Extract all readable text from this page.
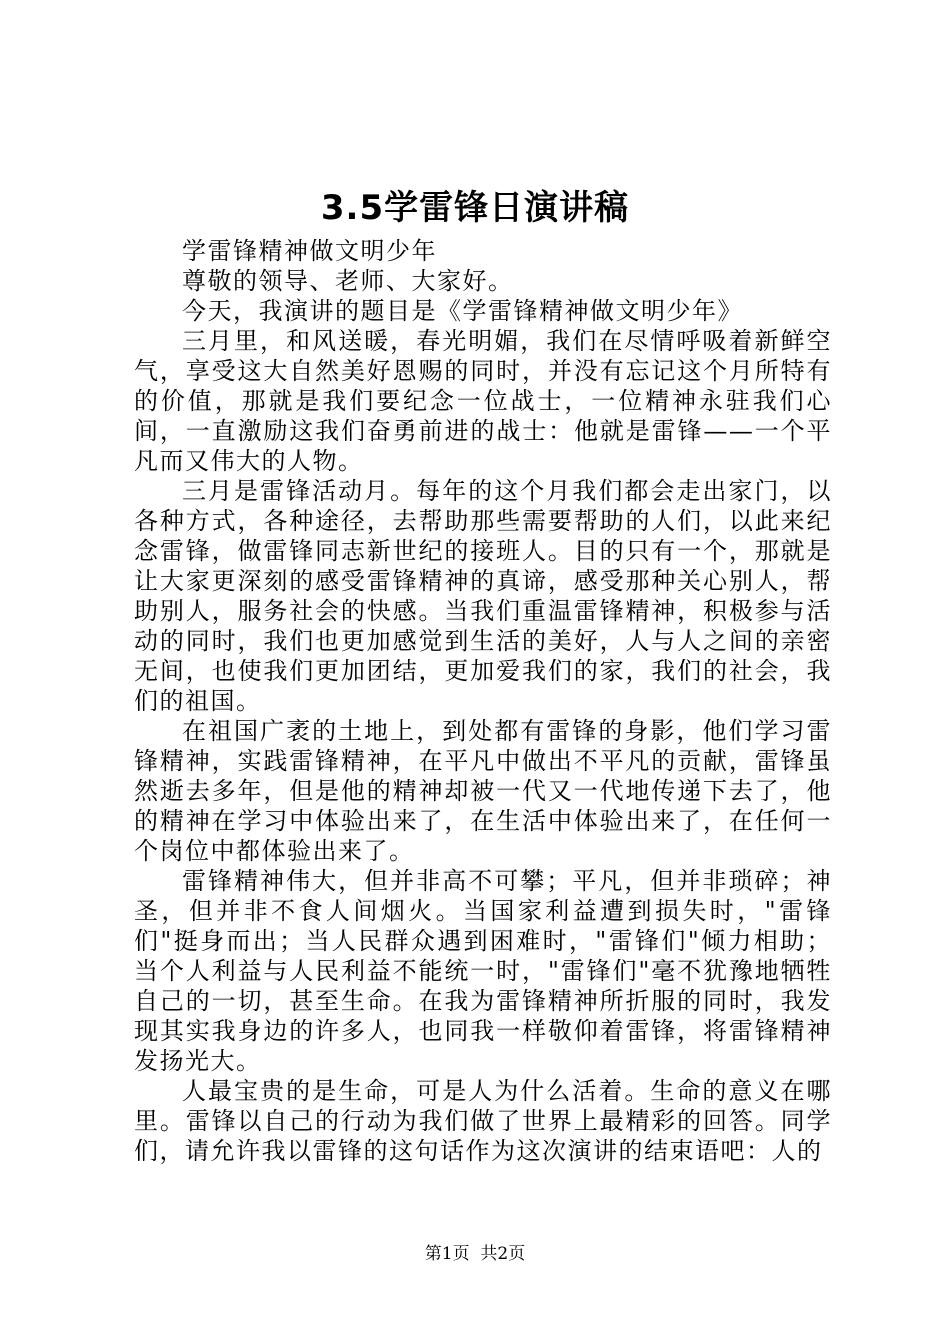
3.5学雷锋日演讲稿

学雷锋精神做文明少年

尊敬的领导、老师、大家好。

今天，我演讲的题目是《学雷锋精神做文明少年》

三月里，和风送暖，春光明媚，我们在尽情呼吸着新鲜空气，享受这大自然美好恩赐的同时，并没有忘记这个月所特有的价值，那就是我们要纪念一位战士，一位精神永驻我们心间，一直激励这我们奋勇前进的战士：他就是雷锋——一个平凡而又伟大的人物。

三月是雷锋活动月。每年的这个月我们都会走出家门，以各种方式，各种途径，去帮助那些需要帮助的人们，以此来纪念雷锋，做雷锋同志新世纪的接班人。目的只有一个，那就是让大家更深刻的感受雷锋精神的真谛，感受那种关心别人，帮助别人，服务社会的快感。当我们重温雷锋精神，积极参与活动的同时，我们也更加感觉到生活的美好，人与人之间的亲密无间，也使我们更加团结，更加爱我们的家，我们的社会，我们的祖国。

在祖国广袤的土地上，到处都有雷锋的身影，他们学习雷锋精神，实践雷锋精神，在平凡中做出不平凡的贡献，雷锋虽然逝去多年，但是他的精神却被一代又一代地传递下去了，他的精神在学习中体验出来了，在生活中体验出来了，在任何一个岗位中都体验出来了。

雷锋精神伟大，但并非高不可攀；平凡，但并非琐碎；神圣，但并非不食人间烟火。当国家利益遭到损失时，"雷锋们"挺身而出；当人民群众遇到困难时，"雷锋们"倾力相助；当个人利益与人民利益不能统一时，"雷锋们"毫不犹豫地牺牲自己的一切，甚至生命。在我为雷锋精神所折服的同时，我发现其实我身边的许多人，也同我一样敬仰着雷锋，将雷锋精神发扬光大。

人最宝贵的是生命，可是人为什么活着。生命的意义在哪里。雷锋以自己的行动为我们做了世界上最精彩的回答。同学们，请允许我以雷锋的这句话作为这次演讲的结束语吧：人的

第1页 共2页
